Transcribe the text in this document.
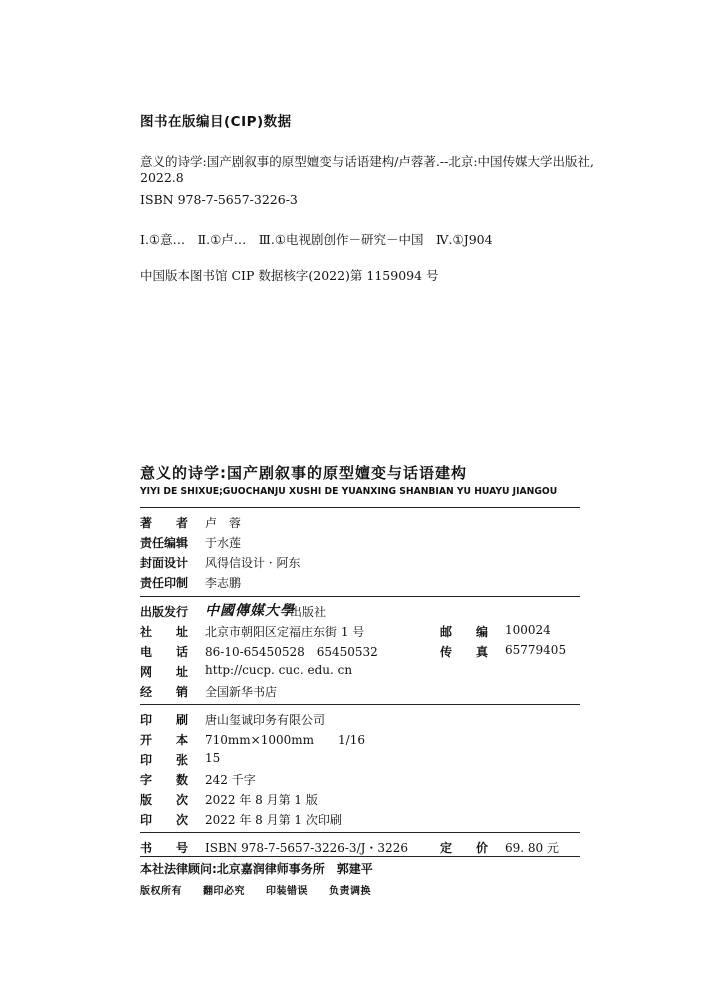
图书在版编目(CIP)数据
意义的诗学:国产剧叙事的原型嬗变与话语建构/卢蓉著.--北京:中国传媒大学出版社,
2022.8
ISBN 978-7-5657-3226-3
Ⅰ.①意…　Ⅱ.①卢…　Ⅲ.①电视剧创作－研究－中国　Ⅳ.①J904
中国版本图书馆 CIP 数据核字(2022)第 1159094 号
意义的诗学:国产剧叙事的原型嬗变与话语建构
YIYI DE SHIXUE;GUOCHANJU XUSHI DE YUANXING SHANBIAN YU HUAYU JIANGOU
著　　者 卢　蓉
责任编辑 于水莲
封面设计 风得信设计 · 阿东
责任印制 李志鹏
出版发行 中國傳媒大學
出版社
社　　址 北京市朝阳区定福庄东街 1 号	邮　　编 100024
电　　话 86-10-65450528　65450532	传　　真 65779405
网　　址 http://cucp. cuc. edu. cn
经　　销 全国新华书店
印　　刷 唐山玺诚印务有限公司
开　　本 710mm×1000mm　　1/16
印　　张 15
字　　数 242 千字
版　　次 2022 年 8 月第 1 版
印　　次 2022 年 8 月第 1 次印刷
书　　号 ISBN 978-7-5657-3226-3/J・3226	定　　价 69. 80 元
本社法律顾问:北京嘉润律师事务所　郭建平
版权所有　　翻印必究　　印装错误　　负责调换
